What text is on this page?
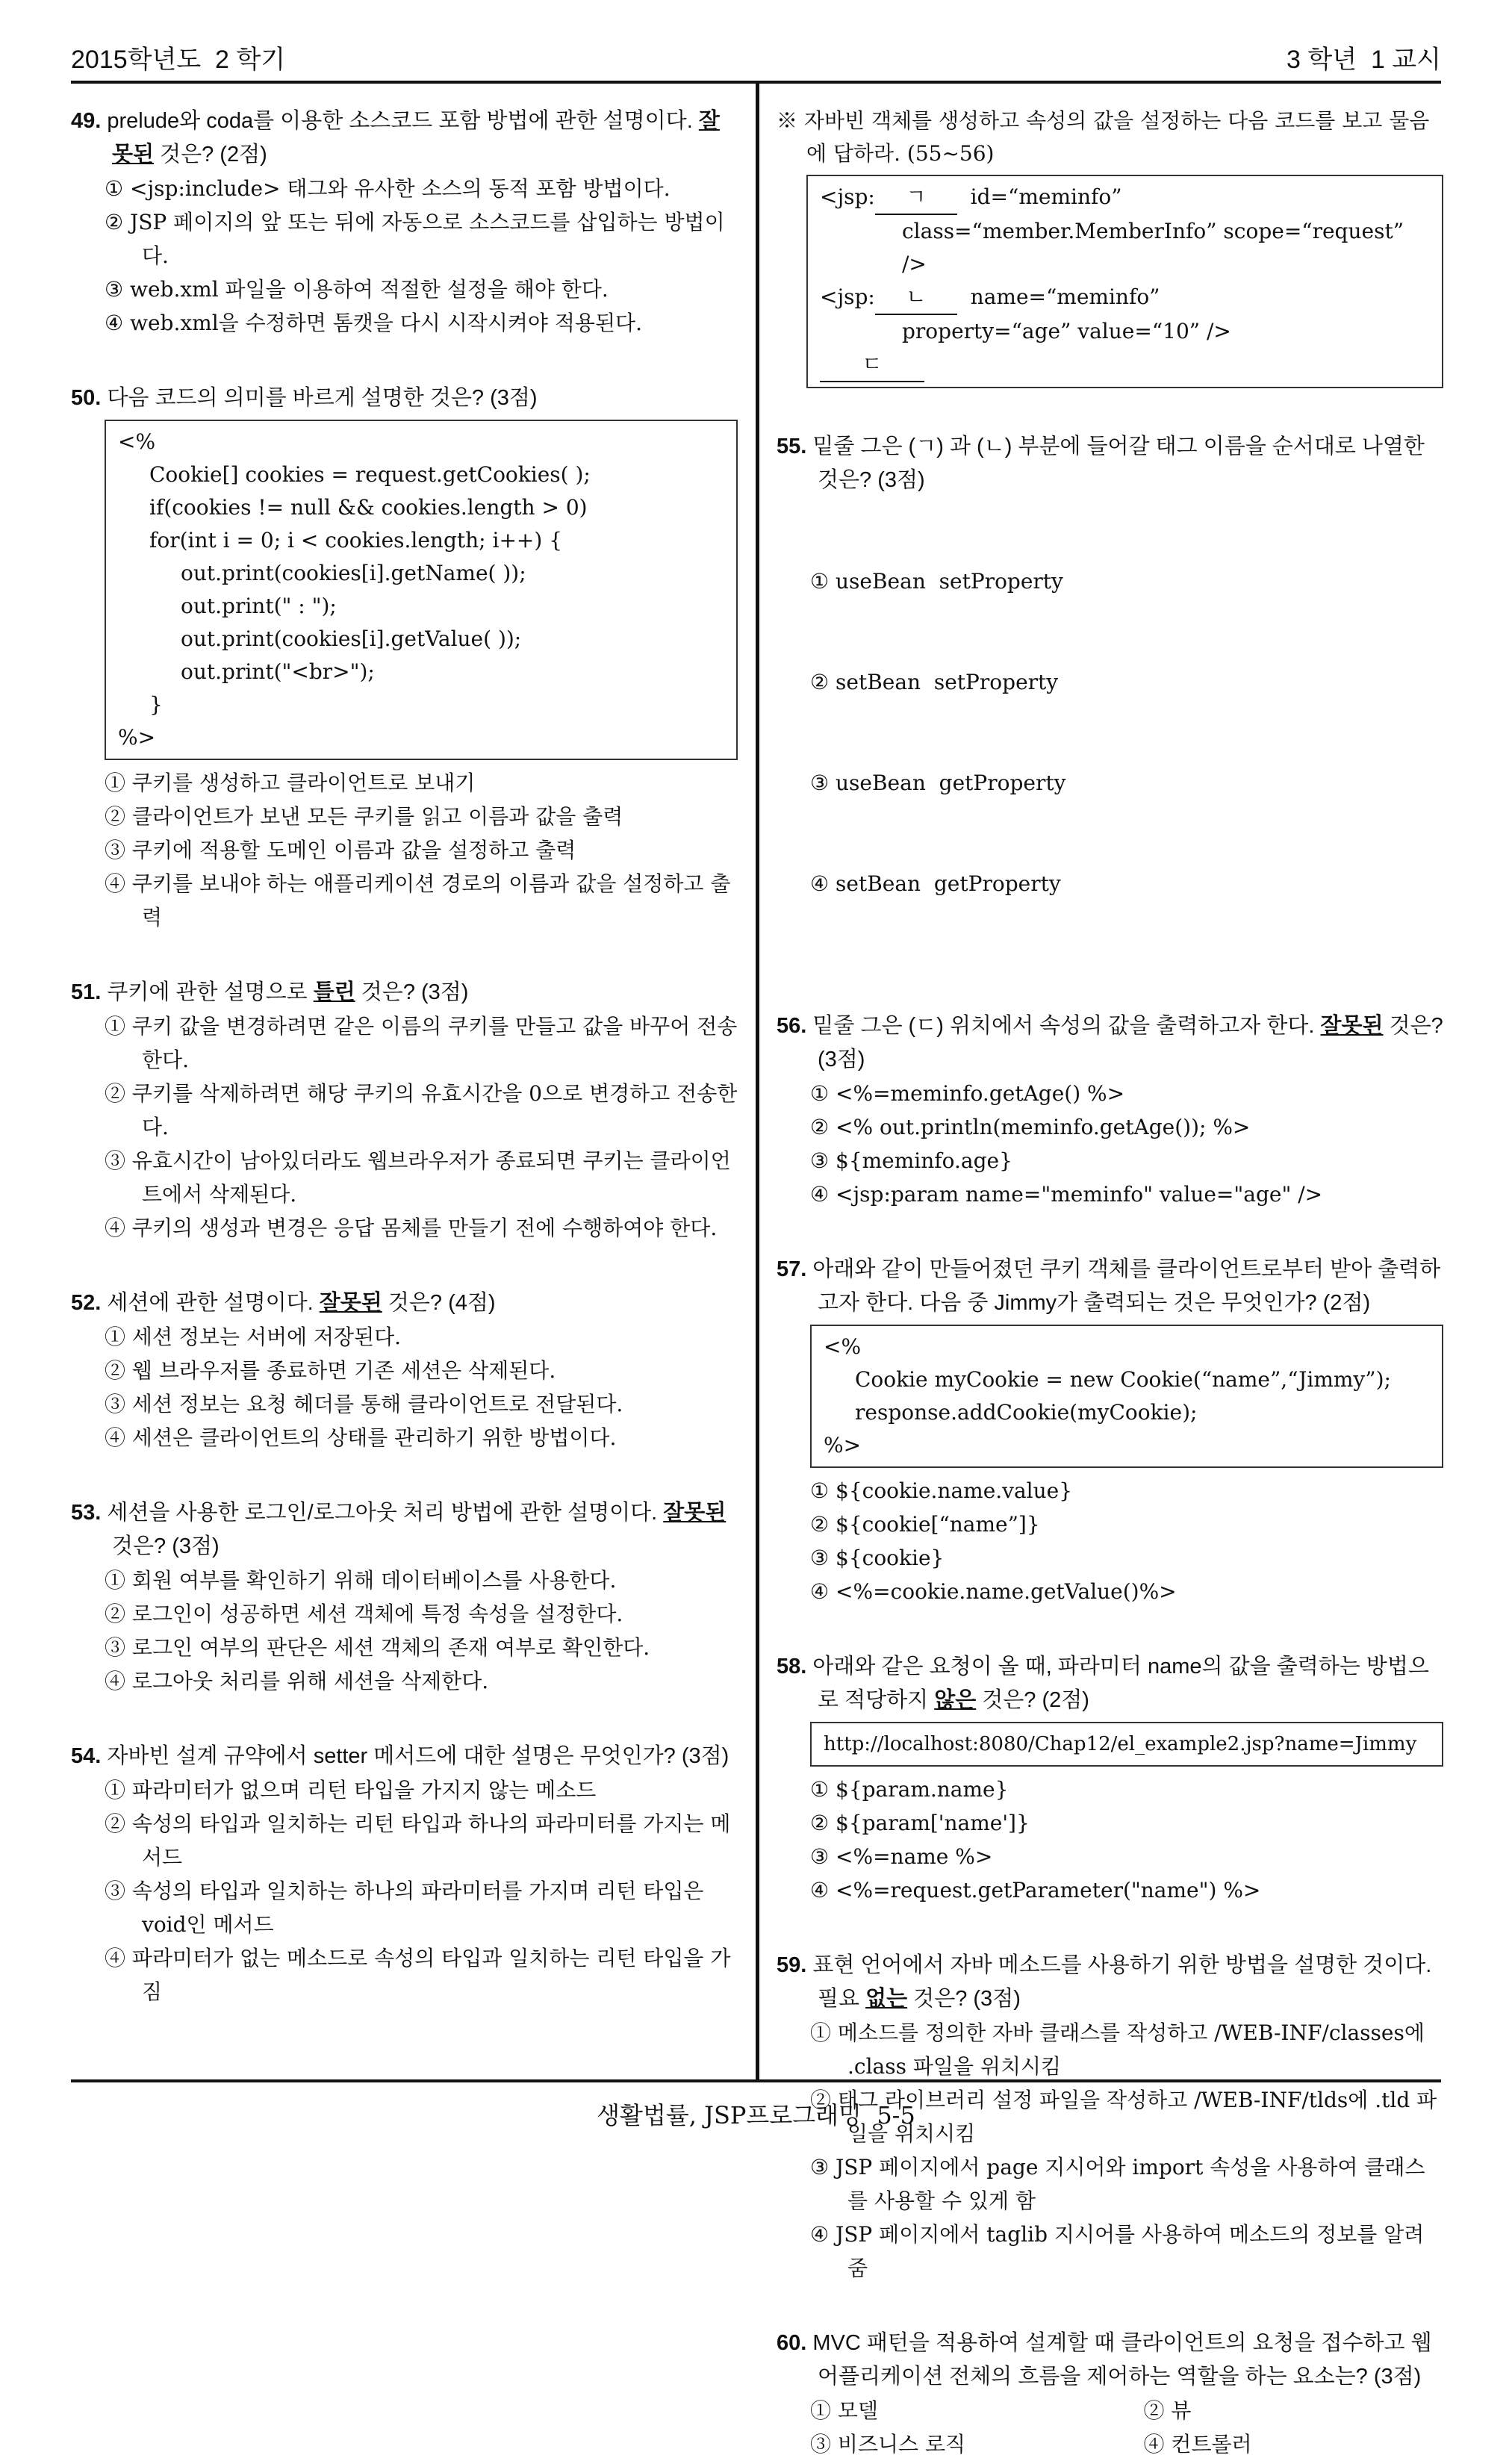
2015학년도  2 학기	3 학년  1 교시
49. prelude와 coda를 이용한 소스코드 포함 방법에 관한 설명이다. 잘못된 것은? (2점)
① <jsp:include> 태그와 유사한 소스의 동적 포함 방법이다.
② JSP 페이지의 앞 또는 뒤에 자동으로 소스코드를 삽입하는 방법이다.
③ web.xml 파일을 이용하여 적절한 설정을 해야 한다.
④ web.xml을 수정하면 톰캣을 다시 시작시켜야 적용된다.
50. 다음 코드의 의미를 바르게 설명한 것은? (3점)
<%
Cookie[] cookies = request.getCookies( );
if(cookies != null && cookies.length > 0)
for(int i = 0; i < cookies.length; i++) {
out.print(cookies[i].getName( ));
out.print(" : ");
out.print(cookies[i].getValue( ));
out.print("<br>");
}
%>
① 쿠키를 생성하고 클라이언트로 보내기
② 클라이언트가 보낸 모든 쿠키를 읽고 이름과 값을 출력
③ 쿠키에 적용할 도메인 이름과 값을 설정하고 출력
④ 쿠키를 보내야 하는 애플리케이션 경로의 이름과 값을 설정하고 출력
51. 쿠키에 관한 설명으로 틀린 것은? (3점)
① 쿠키 값을 변경하려면 같은 이름의 쿠키를 만들고 값을 바꾸어 전송한다.
② 쿠키를 삭제하려면 해당 쿠키의 유효시간을 0으로 변경하고 전송한다.
③ 유효시간이 남아있더라도 웹브라우저가 종료되면 쿠키는 클라이언트에서 삭제된다.
④ 쿠키의 생성과 변경은 응답 몸체를 만들기 전에 수행하여야 한다.
52. 세션에 관한 설명이다. 잘못된 것은? (4점)
① 세션 정보는 서버에 저장된다.
② 웹 브라우저를 종료하면 기존 세션은 삭제된다.
③ 세션 정보는 요청 헤더를 통해 클라이언트로 전달된다.
④ 세션은 클라이언트의 상태를 관리하기 위한 방법이다.
53. 세션을 사용한 로그인/로그아웃 처리 방법에 관한 설명이다. 잘못된 것은? (3점)
① 회원 여부를 확인하기 위해 데이터베이스를 사용한다.
② 로그인이 성공하면 세션 객체에 특정 속성을 설정한다.
③ 로그인 여부의 판단은 세션 객체의 존재 여부로 확인한다.
④ 로그아웃 처리를 위해 세션을 삭제한다.
54. 자바빈 설계 규약에서 setter 메서드에 대한 설명은 무엇인가? (3점)
① 파라미터가 없으며 리턴 타입을 가지지 않는 메소드
② 속성의 타입과 일치하는 리턴 타입과 하나의 파라미터를 가지는 메서드
③ 속성의 타입과 일치하는 하나의 파라미터를 가지며 리턴 타입은 void인 메서드
④ 파라미터가 없는 메소드로 속성의 타입과 일치하는 리턴 타입을 가짐
※ 자바빈 객체를 생성하고 속성의 값을 설정하는 다음 코드를 보고 물음에 답하라. (55~56)
<jsp: ㄱ  id=“meminfo”
class=“member.MemberInfo” scope=“request” />
<jsp: ㄴ  name=“meminfo”
property=“age” value=“10” />
ㄷ
55. 밑줄 그은 (ㄱ) 과 (ㄴ) 부분에 들어갈 태그 이름을 순서대로 나열한 것은? (3점)

① useBean  setProperty

② setBean  setProperty

③ useBean  getProperty

④ setBean  getProperty

56. 밑줄 그은 (ㄷ) 위치에서 속성의 값을 출력하고자 한다. 잘못된 것은? (3점)
① <%=meminfo.getAge() %>
② <% out.println(meminfo.getAge()); %>
③ ${meminfo.age}
④ <jsp:param name="meminfo" value="age" />
57. 아래와 같이 만들어졌던 쿠키 객체를 클라이언트로부터 받아 출력하고자 한다. 다음 중 Jimmy가 출력되는 것은 무엇인가? (2점)
<%
Cookie myCookie = new Cookie(“name”,“Jimmy”);
response.addCookie(myCookie);
%>
① ${cookie.name.value}
② ${cookie[“name”]}
③ ${cookie}
④ <%=cookie.name.getValue()%>
58. 아래와 같은 요청이 올 때, 파라미터 name의 값을 출력하는 방법으로 적당하지 않은 것은? (2점)
http://localhost:8080/Chap12/el_example2.jsp?name=Jimmy
① ${param.name}
② ${param['name']}
③ <%=name %>
④ <%=request.getParameter("name") %>
59. 표현 언어에서 자바 메소드를 사용하기 위한 방법을 설명한 것이다. 필요 없는 것은? (3점)
① 메소드를 정의한 자바 클래스를 작성하고 /WEB-INF/classes에 .class 파일을 위치시킴
② 태그 라이브러리 설정 파일을 작성하고 /WEB-INF/tlds에 .tld 파일을 위치시킴
③ JSP 페이지에서 page 지시어와 import 속성을 사용하여 클래스를 사용할 수 있게 함
④ JSP 페이지에서 taglib 지시어를 사용하여 메소드의 정보를 알려줌
60. MVC 패턴을 적용하여 설계할 때 클라이언트의 요청을 접수하고 웹 어플리케이션 전체의 흐름을 제어하는 역할을 하는 요소는? (3점)
① 모델	② 뷰
③ 비즈니스 로직	④ 컨트롤러
생활법률, JSP프로그래밍  5-5
